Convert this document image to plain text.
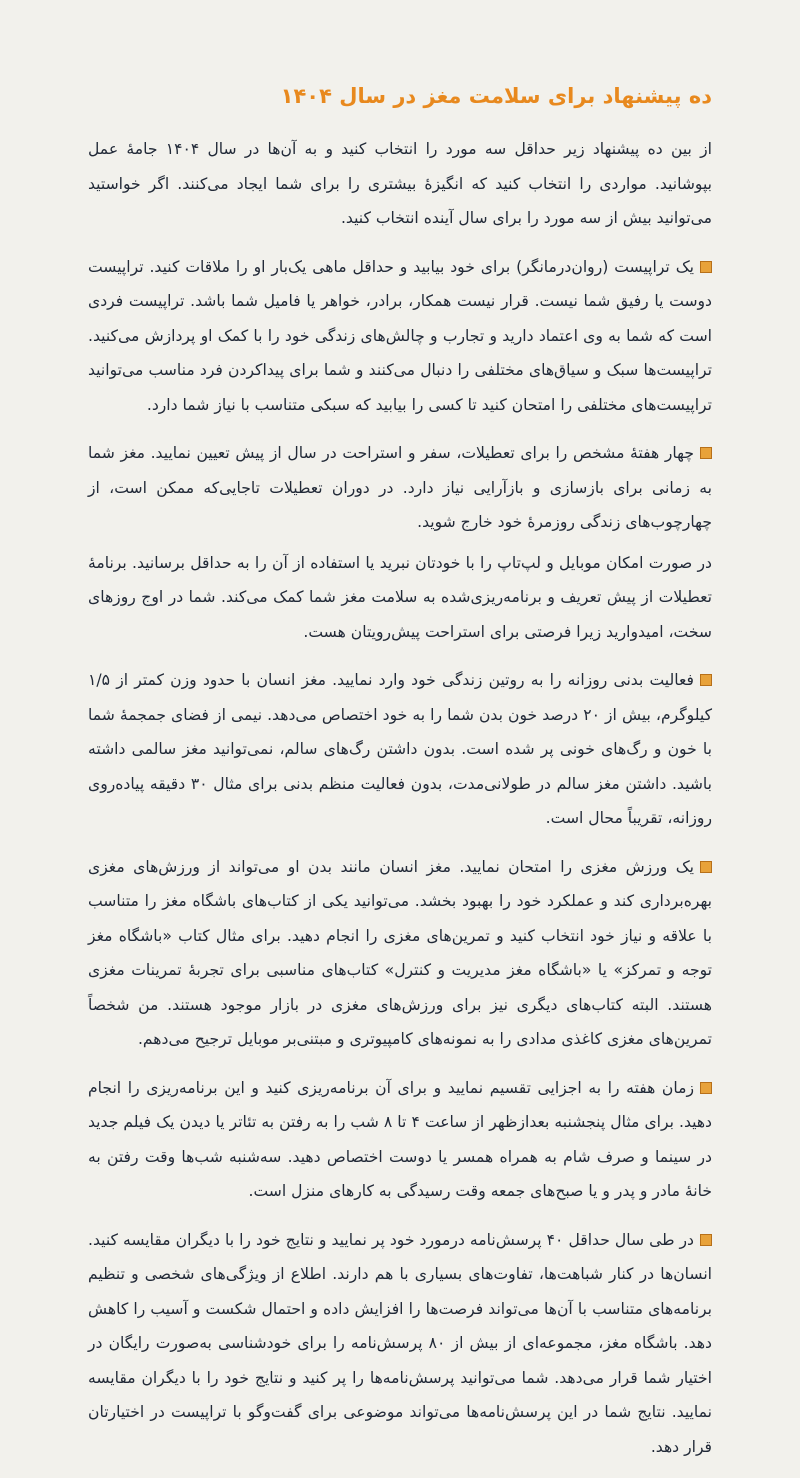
ده پیشنهاد برای سلامت مغز در سال ۱۴۰۴

از بین ده پیشنهاد زیر حداقل سه مورد را انتخاب کنید و به آن‌ها در سال ۱۴۰۴ جامهٔ عمل بپوشانید. مواردی را انتخاب کنید که انگیزهٔ بیشتری را برای شما ایجاد می‌کنند. اگر خواستید می‌توانید بیش از سه مورد را برای سال آینده انتخاب کنید.

یک تراپیست (روان‌درمانگر) برای خود بیابید و حداقل ماهی یک‌بار او را ملاقات کنید. تراپیست دوست یا رفیق شما نیست. قرار نیست همکار، برادر، خواهر یا فامیل شما باشد. تراپیست فردی است که شما به وی اعتماد دارید و تجارب و چالش‌های زندگی خود را با کمک او پردازش می‌کنید. تراپیست‌ها سبک و سیاق‌های مختلفی را دنبال می‌کنند و شما برای پیداکردن فرد مناسب می‌توانید تراپیست‌های مختلفی را امتحان کنید تا کسی را بیابید که سبکی متناسب با نیاز شما دارد.

چهار هفتهٔ مشخص را برای تعطیلات، سفر و استراحت در سال از پیش تعیین نمایید. مغز شما به زمانی برای بازسازی و بازآرایی نیاز دارد. در دوران تعطیلات تاجایی‌که ممکن است، از چهارچوب‌های زندگی روزمرهٔ خود خارج شوید.

در صورت امکان موبایل و لپ‌تاپ را با خودتان نبرید یا استفاده از آن را به حداقل برسانید. برنامهٔ تعطیلات از پیش تعریف و برنامه‌ریزی‌شده به سلامت مغز شما کمک می‌کند. شما در اوج روزهای سخت، امیدوارید زیرا فرصتی برای استراحت پیش‌رویتان هست.

فعالیت بدنی روزانه را به روتین زندگی خود وارد نمایید. مغز انسان با حدود وزن کمتر از ۱/۵ کیلوگرم، بیش از ۲۰ درصد خون بدن شما را به خود اختصاص می‌دهد. نیمی از فضای جمجمهٔ شما با خون و رگ‌های خونی پر شده است. بدون داشتن رگ‌های سالم، نمی‌توانید مغز سالمی داشته باشید. داشتن مغز سالم در طولانی‌مدت، بدون فعالیت منظم بدنی برای مثال ۳۰ دقیقه پیاده‌روی روزانه، تقریباً محال است.

یک ورزش مغزی را امتحان نمایید. مغز انسان مانند بدن او می‌تواند از ورزش‌های مغزی بهره‌برداری کند و عملکرد خود را بهبود بخشد. می‌توانید یکی از کتاب‌های باشگاه مغز را متناسب با علاقه و نیاز خود انتخاب کنید و تمرین‌های مغزی را انجام دهید. برای مثال کتاب «باشگاه مغز توجه و تمرکز» یا «باشگاه مغز مدیریت و کنترل» کتاب‌های مناسبی برای تجربهٔ تمرینات مغزی هستند. البته کتاب‌های دیگری نیز برای ورزش‌های مغزی در بازار موجود هستند. من شخصاً تمرین‌های مغزی کاغذی مدادی را به نمونه‌های کامپیوتری و مبتنی‌بر موبایل ترجیح می‌دهم.

زمان هفته را به اجزایی تقسیم نمایید و برای آن برنامه‌ریزی کنید و این برنامه‌ریزی را انجام دهید. برای مثال پنجشنبه بعدازظهر از ساعت ۴ تا ۸ شب را به رفتن به تئاتر یا دیدن یک فیلم جدید در سینما و صرف شام به همراه همسر یا دوست اختصاص دهید. سه‌شنبه شب‌ها وقت رفتن به خانهٔ مادر و پدر و یا صبح‌های جمعه وقت رسیدگی به کارهای منزل است.

در طی سال حداقل ۴۰ پرسش‌نامه درمورد خود پر نمایید و نتایج خود را با دیگران مقایسه کنید. انسان‌ها در کنار شباهت‌ها، تفاوت‌های بسیاری با هم دارند. اطلاع از ویژگی‌های شخصی و تنظیم برنامه‌های متناسب با آن‌ها می‌تواند فرصت‌ها را افزایش داده و احتمال شکست و آسیب را کاهش دهد. باشگاه مغز، مجموعه‌ای از بیش از ۸۰ پرسش‌نامه را برای خودشناسی به‌صورت رایگان در اختیار شما قرار می‌دهد. شما می‌توانید پرسش‌نامه‌ها را پر کنید و نتایج خود را با دیگران مقایسه نمایید. نتایج شما در این پرسش‌نامه‌ها می‌تواند موضوعی برای گفت‌وگو با تراپیست در اختیارتان قرار دهد.
